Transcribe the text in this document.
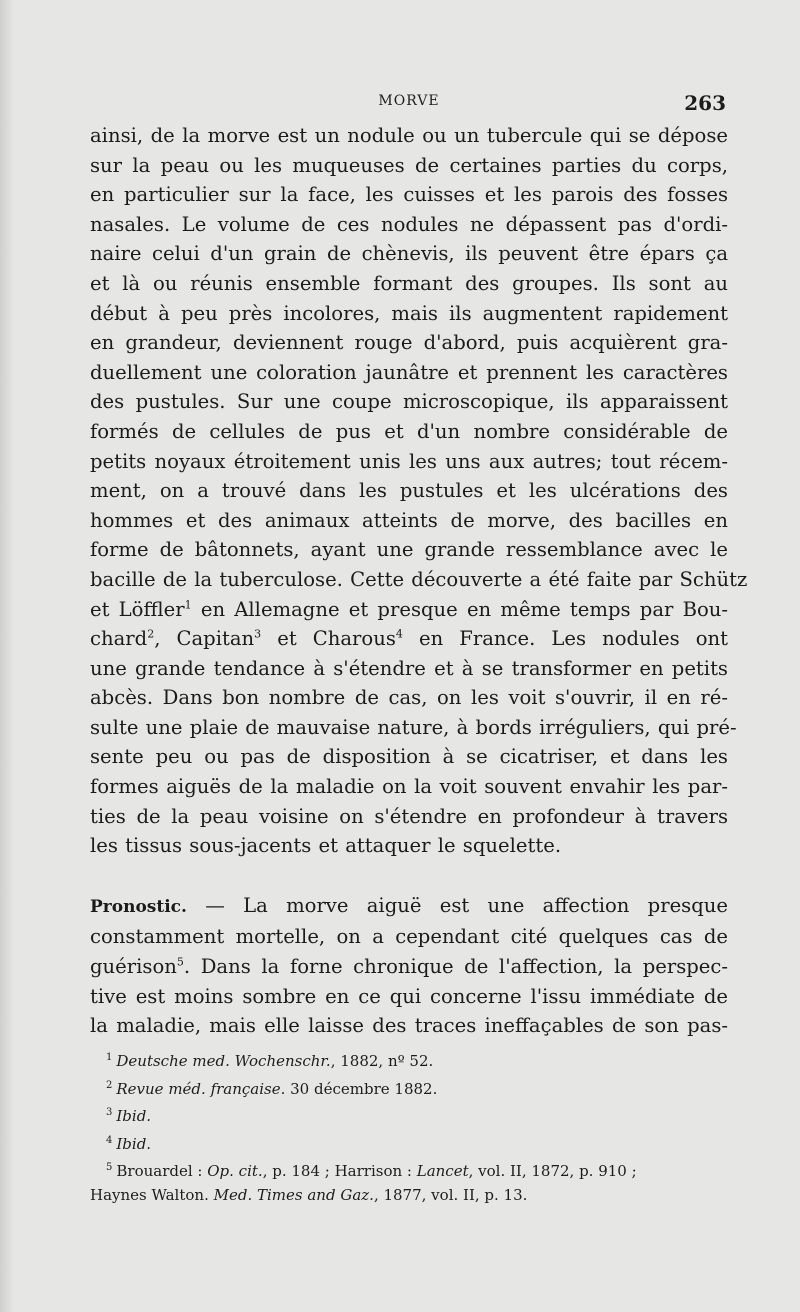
MORVE	263
ainsi, de la morve est un nodule ou un tubercule qui se dépose
sur la peau ou les muqueuses de certaines parties du corps,
en particulier sur la face, les cuisses et les parois des fosses
nasales. Le volume de ces nodules ne dépassent pas d'ordi-
naire celui d'un grain de chènevis, ils peuvent être épars ça
et là ou réunis ensemble formant des groupes. Ils sont au
début à peu près incolores, mais ils augmentent rapidement
en grandeur, deviennent rouge d'abord, puis acquièrent gra-
duellement une coloration jaunâtre et prennent les caractères
des pustules. Sur une coupe microscopique, ils apparaissent
formés de cellules de pus et d'un nombre considérable de
petits noyaux étroitement unis les uns aux autres; tout récem-
ment, on a trouvé dans les pustules et les ulcérations des
hommes et des animaux atteints de morve, des bacilles en
forme de bâtonnets, ayant une grande ressemblance avec le
bacille de la tuberculose. Cette découverte a été faite par Schütz
et Löffler$^1$ en Allemagne et presque en même temps par Bou-
chard$^2$, Capitan$^3$ et Charous$^4$ en France. Les nodules ont
une grande tendance à s'étendre et à se transformer en petits
abcès. Dans bon nombre de cas, on les voit s'ouvrir, il en ré-
sulte une plaie de mauvaise nature, à bords irréguliers, qui pré-
sente peu ou pas de disposition à se cicatriser, et dans les
formes aiguës de la maladie on la voit souvent envahir les par-
ties de la peau voisine on s'étendre en profondeur à travers
les tissus sous-jacents et attaquer le squelette.
Pronostic. — La morve aiguë est une affection presque
constamment mortelle, on a cependant cité quelques cas de
guérison$^5$. Dans la forne chronique de l'affection, la perspec-
tive est moins sombre en ce qui concerne l'issu immédiate de
la maladie, mais elle laisse des traces ineffaçables de son pas-
$^1$ Deutsche med. Wochenschr., 1882, nº 52.
$^2$ Revue méd. française. 30 décembre 1882.
$^3$ Ibid.
$^4$ Ibid.
$^5$ Brouardel : Op. cit., p. 184 ; Harrison : Lancet, vol. II, 1872, p. 910 ;
Haynes Walton. Med. Times and Gaz., 1877, vol. II, p. 13.
